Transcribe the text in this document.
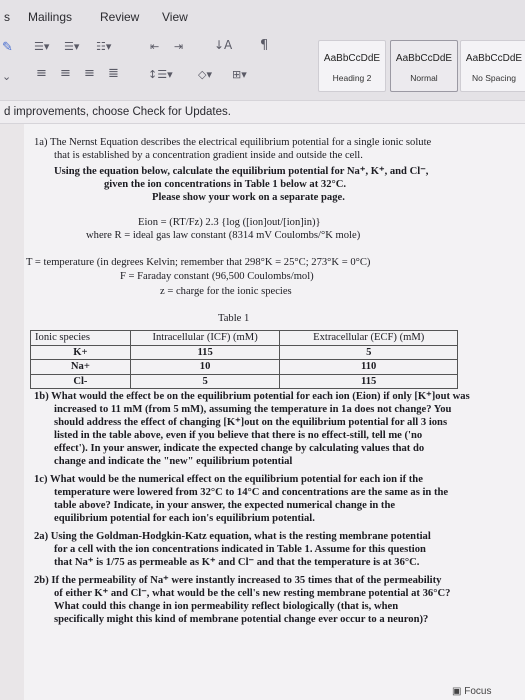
s Mailings Review View
✎ ☰▾ ☰▾ ☷▾	⇤ ⇥	↓A ¶
⌄ ≡ ≡ ≡ ≣	↕☰▾ ◇▾ ⊞▾
AaBbCcDdE
Heading 2
AaBbCcDdE
Normal
AaBbCcDdE
No Spacing
d improvements, choose Check for Updates.
1a) The Nernst Equation describes the electrical equilibrium potential for a single ionic solute
that is established by a concentration gradient inside and outside the cell.
Using the equation below, calculate the equilibrium potential for Na⁺, K⁺, and Cl⁻,
given the ion concentrations in Table 1 below at 32°C.
Please show your work on a separate page.
Eion = (RT/Fz) 2.3 {log ([ion]out/[ion]in)}
where R = ideal gas law constant (8314 mV Coulombs/°K mole)
T = temperature (in degrees Kelvin; remember that 298°K = 25°C; 273°K = 0°C)
F = Faraday constant (96,500 Coulombs/mol)
z = charge for the ionic species
Table 1
Ionic species	Intracellular (ICF) (mM)	Extracellular (ECF) (mM)
K+	115	5
Na+	10	110
Cl-	5	115
1b) What would the effect be on the equilibrium potential for each ion (Eion) if only [K⁺]out was
increased to 11 mM (from 5 mM), assuming the temperature in 1a does not change? You
should address the effect of changing [K⁺]out on the equilibrium potential for all 3 ions
listed in the table above, even if you believe that there is no effect-still, tell me ('no
effect'). In your answer, indicate the expected change by calculating values that do
change and indicate the "new" equilibrium potential
1c) What would be the numerical effect on the equilibrium potential for each ion if the
temperature were lowered from 32°C to 14°C and concentrations are the same as in the
table above? Indicate, in your answer, the expected numerical change in the
equilibrium potential for each ion's equilibrium potential.
2a) Using the Goldman-Hodgkin-Katz equation, what is the resting membrane potential
for a cell with the ion concentrations indicated in Table 1. Assume for this question
that Na⁺ is 1/75 as permeable as K⁺ and Cl⁻ and that the temperature is at 36°C.
2b) If the permeability of Na⁺ were instantly increased to 35 times that of the permeability
of either K⁺ and Cl⁻, what would be the cell's new resting membrane potential at 36°C?
What could this change in ion permeability reflect biologically (that is, when
specifically might this kind of membrane potential change ever occur to a neuron)?
▣ Focus
